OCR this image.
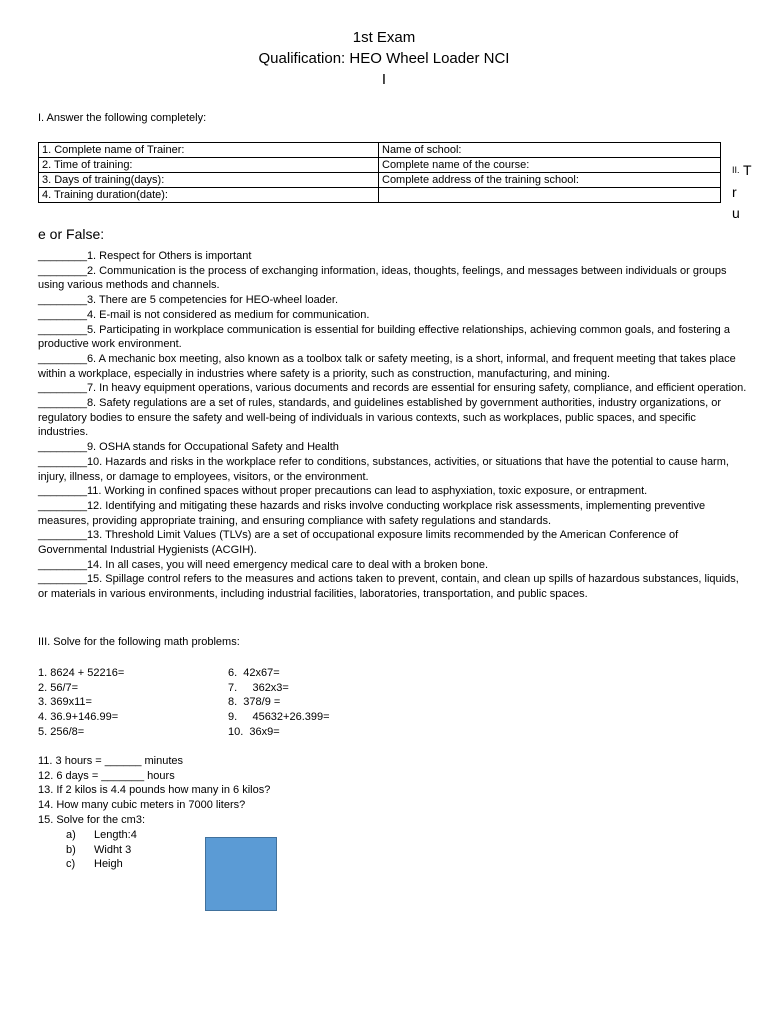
1st Exam
Qualification: HEO Wheel Loader NCI
I
I. Answer the following completely:
1. Complete name of Trainer:	Name of school:
2. Time of training:	Complete name of the course:
3. Days of training(days):	Complete address of the training school:
4. Training duration(date):	
II. T
r
u
e or False:

________1. Respect for Others is important

________2. Communication is the process of exchanging information, ideas, thoughts, feelings, and messages between individuals or groups using various methods and channels.

________3. There are 5 competencies for HEO-wheel loader.

________4. E-mail is not considered as medium for communication.

________5. Participating in workplace communication is essential for building effective relationships, achieving common goals, and fostering a productive work environment.

________6. A mechanic box meeting, also known as a toolbox talk or safety meeting, is a short, informal, and frequent meeting that takes place within a workplace, especially in industries where safety is a priority, such as construction, manufacturing, and mining.

________7. In heavy equipment operations, various documents and records are essential for ensuring safety, compliance, and efficient operation.

________8. Safety regulations are a set of rules, standards, and guidelines established by government authorities, industry organizations, or regulatory bodies to ensure the safety and well-being of individuals in various contexts, such as workplaces, public spaces, and specific industries.

________9. OSHA stands for Occupational Safety and Health

________10. Hazards and risks in the workplace refer to conditions, substances, activities, or situations that have the potential to cause harm, injury, illness, or damage to employees, visitors, or the environment.

________11. Working in confined spaces without proper precautions can lead to asphyxiation, toxic exposure, or entrapment.

________12. Identifying and mitigating these hazards and risks involve conducting workplace risk assessments, implementing preventive measures, providing appropriate training, and ensuring compliance with safety regulations and standards.

________13. Threshold Limit Values (TLVs) are a set of occupational exposure limits recommended by the American Conference of Governmental Industrial Hygienists (ACGIH).

________14. In all cases, you will need emergency medical care to deal with a broken bone.

________15. Spillage control refers to the measures and actions taken to prevent, contain, and clean up spills of hazardous substances, liquids, or materials in various environments, including industrial facilities, laboratories, transportation, and public spaces.

III. Solve for the following math problems:

1. 8624 + 52216=

2. 56/7=

3. 369x11=

4. 36.9+146.99=

5. 256/8=

6.  42x67=

7.     362x3=

8.  378/9 =

9.     45632+26.399=

10.  36x9=

11. 3 hours = ______ minutes

12. 6 days = _______ hours

13. If 2 kilos is 4.4 pounds how many in 6 kilos?

14. How many cubic meters in 7000 liters?

15. Solve for the cm3:

a) Length:4

b) Widht 3

c) Heigh
